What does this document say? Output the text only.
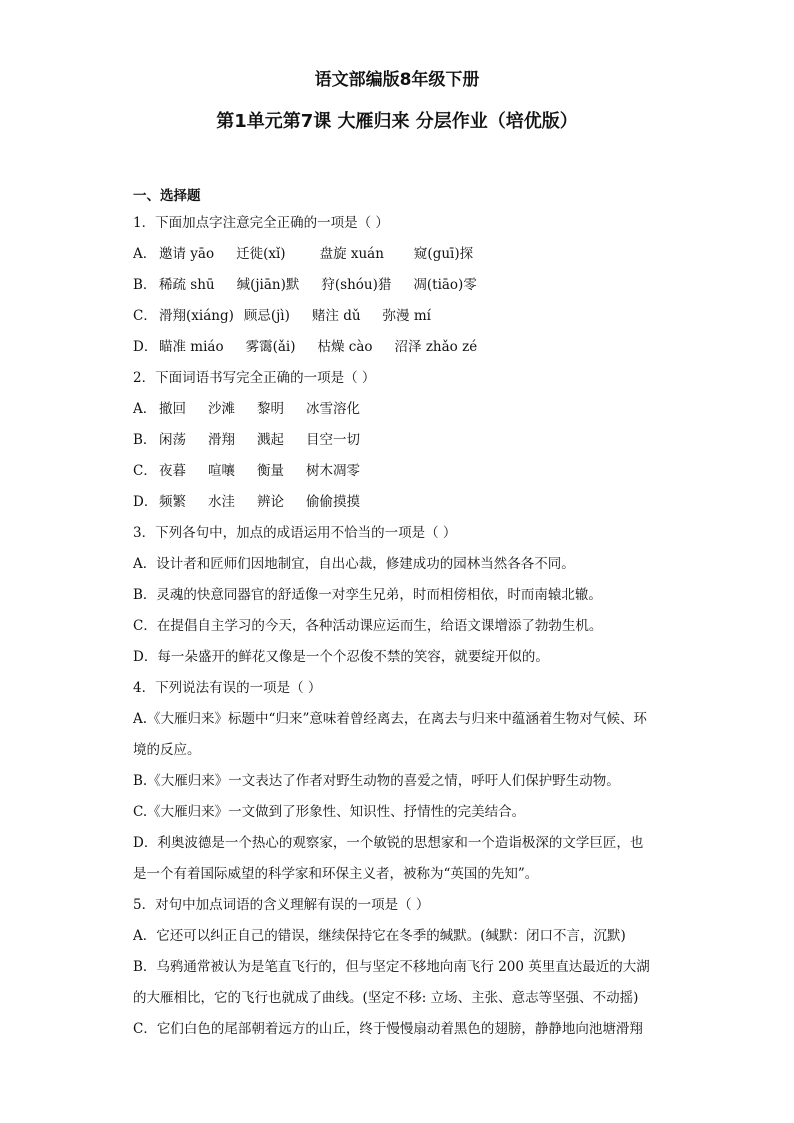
语文部编版8年级下册
第1单元第7课 大雁归来 分层作业（培优版）
一、选择题
1．下面加点字注意完全正确的一项是（ ）
A． 邀请 yāo 迁徙(xǐ)	盘旋 xuán 窥(guī)探
B． 稀疏 shū 缄(jiān)默 狩(shóu)猎 凋(tiāo)零
C． 滑翔(xiáng) 顾忌(jì) 赌注 dǔ 弥漫 mí
D． 瞄准 miáo 雾霭(ǎi) 枯燥 cào 沼泽 zhǎo zé
2．下面词语书写完全正确的一项是（ ）
A． 撤回 沙滩 黎明 冰雪溶化
B． 闲荡 滑翔 溅起 目空一切
C． 夜暮 喧嚷 衡量 树木凋零
D． 频繁 水洼 辨论 偷偷摸摸
3．下列各句中，加点的成语运用不恰当的一项是（ ）
A．设计者和匠师们因地制宜，自出心裁，修建成功的园林当然各各不同。
B．灵魂的快意同器官的舒适像一对孪生兄弟，时而相傍相依，时而南辕北辙。
C．在提倡自主学习的今天，各种活动课应运而生，给语文课增添了勃勃生机。
D．每一朵盛开的鲜花又像是一个个忍俊不禁的笑容，就要绽开似的。
4．下列说法有误的一项是（ ）
A.《大雁归来》标题中“归来”意味着曾经离去，在离去与归来中蕴涵着生物对气候、环
境的反应。
B.《大雁归来》一文表达了作者对野生动物的喜爱之情，呼吁人们保护野生动物。
C.《大雁归来》一文做到了形象性、知识性、抒情性的完美结合。
D．利奥波德是一个热心的观察家，一个敏锐的思想家和一个造诣极深的文学巨匠，也
是一个有着国际威望的科学家和环保主义者，被称为“英国的先知”。
5．对句中加点词语的含义理解有误的一项是（ ）
A．它还可以纠正自己的错误，继续保持它在冬季的缄默。(缄默：闭口不言，沉默)
B．乌鸦通常被认为是笔直飞行的，但与坚定不移地向南飞行 200 英里直达最近的大湖
的大雁相比，它的飞行也就成了曲线。(坚定不移: 立场、主张、意志等坚强、不动摇)
C．它们白色的尾部朝着远方的山丘，终于慢慢扇动着黑色的翅膀，静静地向池塘滑翔
